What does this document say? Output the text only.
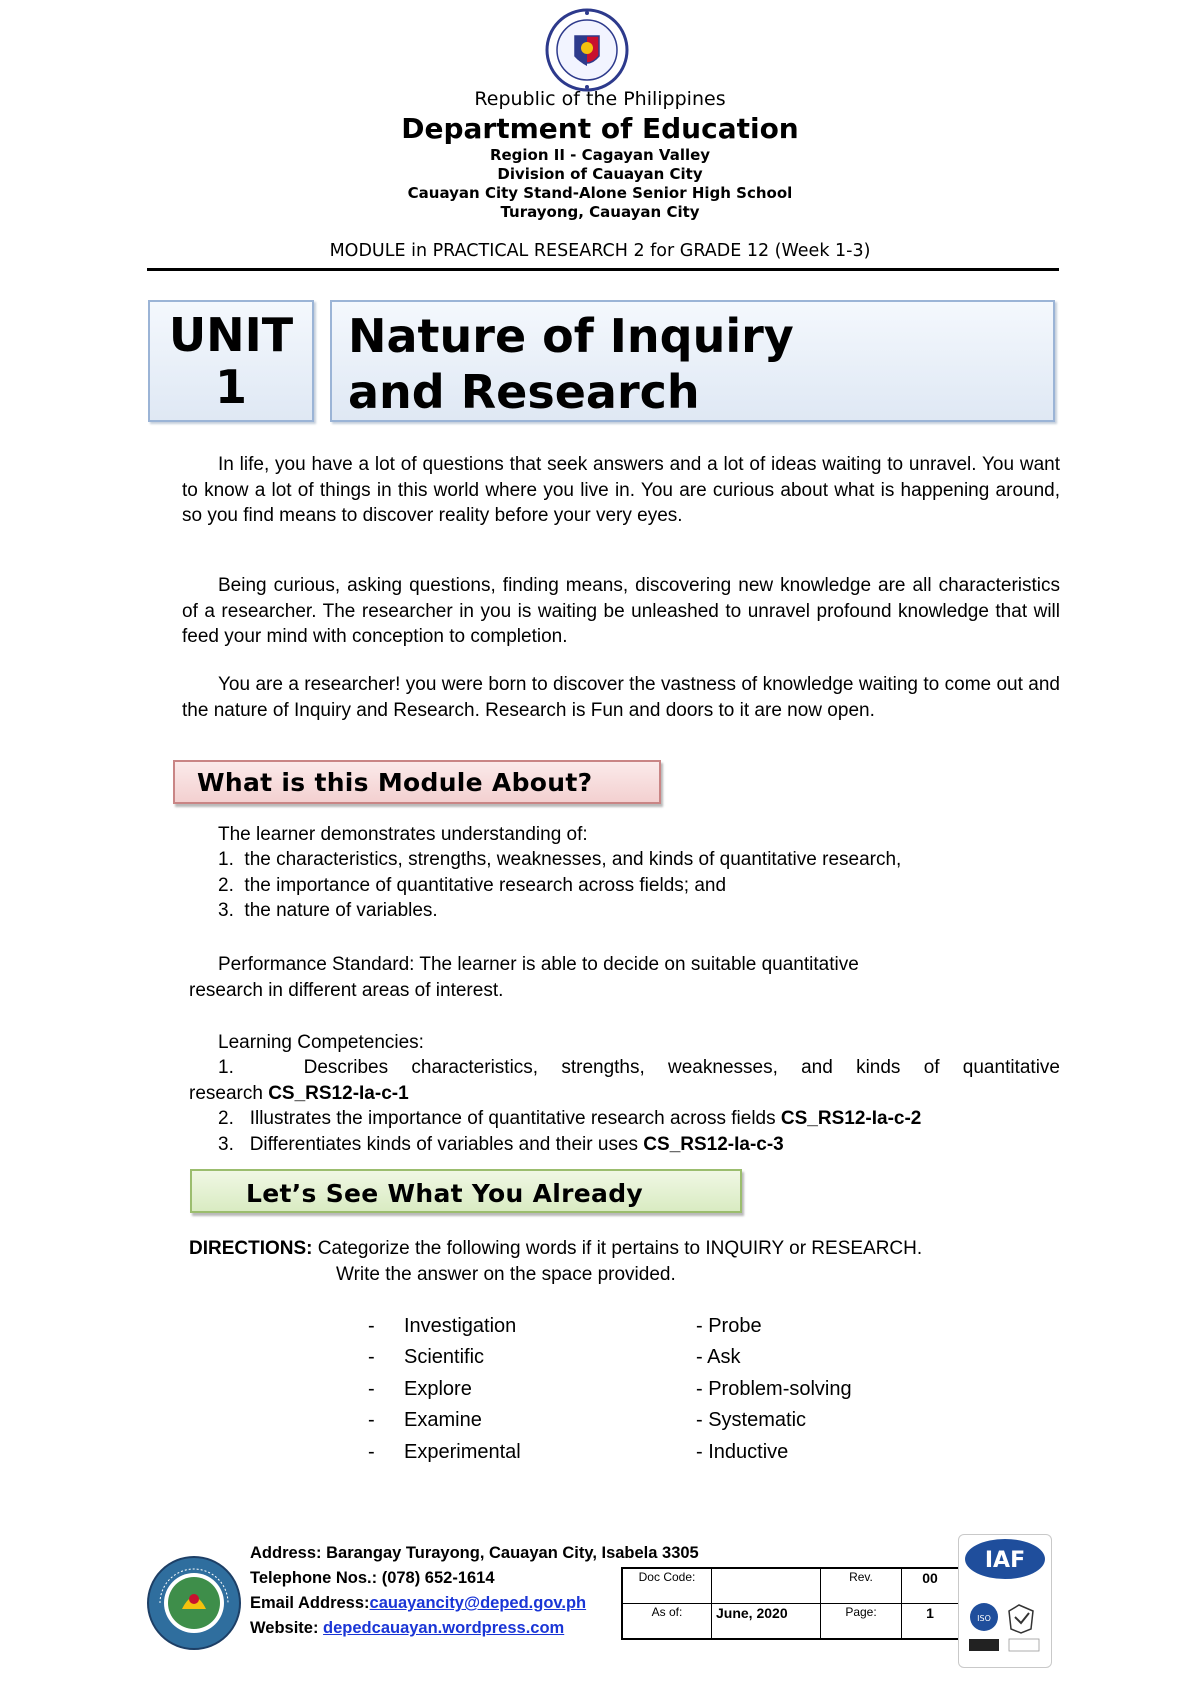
Republic of the Philippines
Department of Education
Region II - Cagayan Valley
Division of Cauayan City
Cauayan City Stand-Alone Senior High School
Turayong, Cauayan City
MODULE in PRACTICAL RESEARCH 2 for GRADE 12 (Week 1-3)
UNIT
1
Nature of Inquiry
and Research
In life, you have a lot of questions that seek answers and a lot of ideas waiting to unravel. You want to know a lot of things in this world where you live in. You are curious about what is happening around, so you find means to discover reality before your very eyes.
Being curious, asking questions, finding means, discovering new knowledge are all characteristics of a researcher. The researcher in you is waiting be unleashed to unravel profound knowledge that will feed your mind with conception to completion.
You are a researcher! you were born to discover the vastness of knowledge waiting to come out and the nature of Inquiry and Research. Research is Fun and doors to it are now open.
What is this Module About?
The learner demonstrates understanding of:
1. the characteristics, strengths, weaknesses, and kinds of quantitative research,
2. the importance of quantitative research across fields; and
3. the nature of variables.
Performance Standard: The learner is able to decide on suitable quantitative
research in different areas of interest.
Learning Competencies:
1.	Describes characteristics, strengths, weaknesses, and kinds of quantitative
research CS_RS12-Ia-c-1
2. Illustrates the importance of quantitative research across fields CS_RS12-Ia-c-2
3. Differentiates kinds of variables and their uses CS_RS12-Ia-c-3
Let’s See What You Already
DIRECTIONS: Categorize the following words if it pertains to INQUIRY or RESEARCH.
Write the answer on the space provided.
- Investigation
- Scientific
- Explore
- Examine
- Experimental
- Probe
- Ask
- Problem-solving
- Systematic
- Inductive
Address: Barangay Turayong, Cauayan City, Isabela 3305
Telephone Nos.: (078) 652-1614
Email Address:cauayancity@deped.gov.ph
Website: depedcauayan.wordpress.com
Doc Code:		Rev.	00
As of:	June, 2020	Page:	1
IAF
ISO
